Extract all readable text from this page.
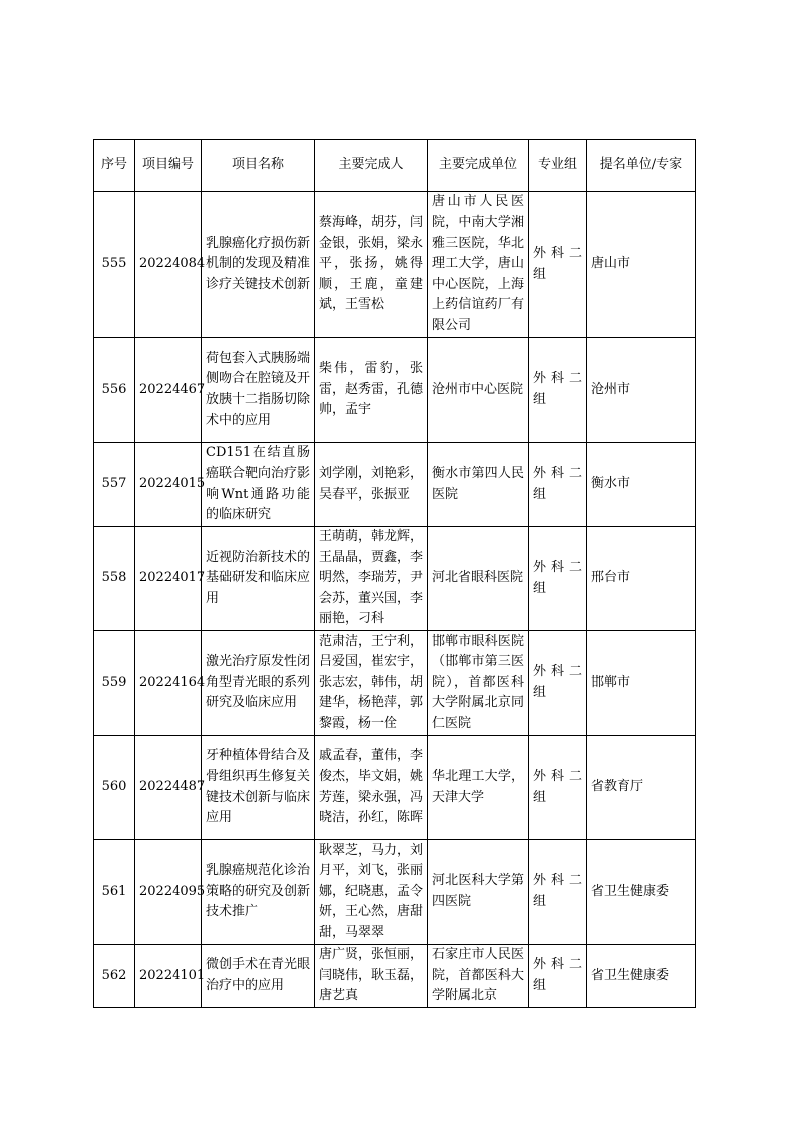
序号	项目编号	项目名称	主要完成人	主要完成单位	专业组	提名单位/专家
555	20224084	乳腺癌化疗损伤新机制的发现及精准诊疗关键技术创新	蔡海峰，胡芬，闫金银，张娟，梁永平，张扬，姚得顺，王鹿，童建斌，王雪松	唐山市人民医院，中南大学湘雅三医院，华北理工大学，唐山中心医院，上海上药信谊药厂有限公司	外科二组	唐山市
556	20224467	荷包套入式胰肠端侧吻合在腔镜及开放胰十二指肠切除术中的应用	柴伟，雷豹，张雷，赵秀雷，孔德帅，孟宇	沧州市中心医院	外科二组	沧州市
557	20224015	CD151在结直肠癌联合靶向治疗影响Wnt通路功能的临床研究	刘学刚，刘艳彩，吴春平，张振亚	衡水市第四人民医院	外科二组	衡水市
558	20224017	近视防治新技术的基础研发和临床应用	王萌萌，韩龙辉，王晶晶，贾鑫，李明然，李瑞芳，尹会苏，董兴国，李丽艳，刁科	河北省眼科医院	外科二组	邢台市
559	20224164	激光治疗原发性闭角型青光眼的系列研究及临床应用	范肃洁，王宁利，吕爱国，崔宏宇，张志宏，韩伟，胡建华，杨艳萍，郭黎霞，杨一佺	邯郸市眼科医院（邯郸市第三医院），首都医科大学附属北京同仁医院	外科二组	邯郸市
560	20224487	牙种植体骨结合及骨组织再生修复关键技术创新与临床应用	戚孟春，董伟，李俊杰，毕文娟，姚芳莲，梁永强，冯晓洁，孙红，陈晖	华北理工大学，天津大学	外科二组	省教育厅
561	20224095	乳腺癌规范化诊治策略的研究及创新技术推广	耿翠芝，马力，刘月平，刘飞，张丽娜，纪晓惠，孟令妍，王心然，唐甜甜，马翠翠	河北医科大学第四医院	外科二组	省卫生健康委
562	20224101	微创手术在青光眼治疗中的应用	唐广贤，张恒丽，闫晓伟，耿玉磊，唐艺真	石家庄市人民医院，首都医科大学附属北京	外科二组	省卫生健康委
